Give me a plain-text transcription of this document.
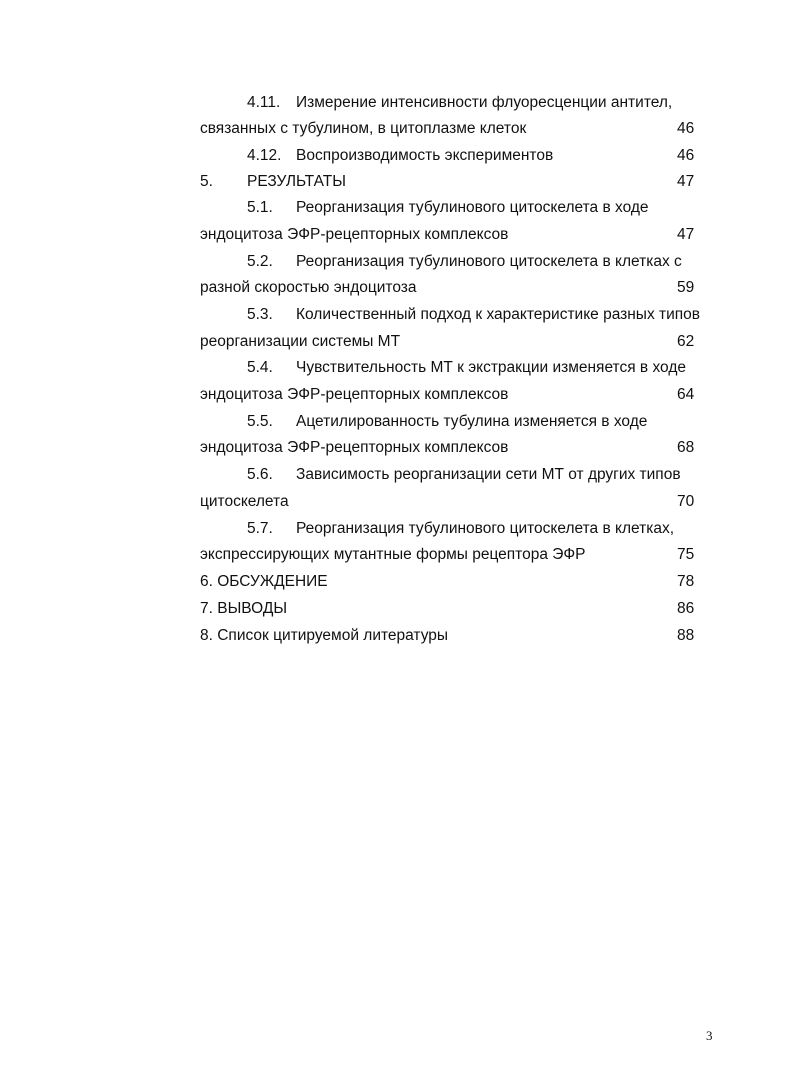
4.11. Измерение интенсивности флуоресценции антител,
связанных с тубулином, в цитоплазме клеток	46
4.12. Воспроизводимость экспериментов	46
5. РЕЗУЛЬТАТЫ	47
5.1. Реорганизация тубулинового цитоскелета в ходе
эндоцитоза ЭФР-рецепторных комплексов	47
5.2. Реорганизация тубулинового цитоскелета в клетках с
разной скоростью эндоцитоза	59
5.3. Количественный подход к характеристике разных типов
реорганизации системы МТ	62
5.4. Чувствительность МТ к экстракции изменяется в ходе
эндоцитоза ЭФР-рецепторных комплексов	64
5.5. Ацетилированность тубулина изменяется в ходе
эндоцитоза ЭФР-рецепторных комплексов	68
5.6. Зависимость реорганизации сети МТ от других типов
цитоскелета	70
5.7. Реорганизация тубулинового цитоскелета в клетках,
экспрессирующих мутантные формы рецептора ЭФР	75
6. ОБСУЖДЕНИЕ	78
7. ВЫВОДЫ	86
8. Список цитируемой литературы	88
3
